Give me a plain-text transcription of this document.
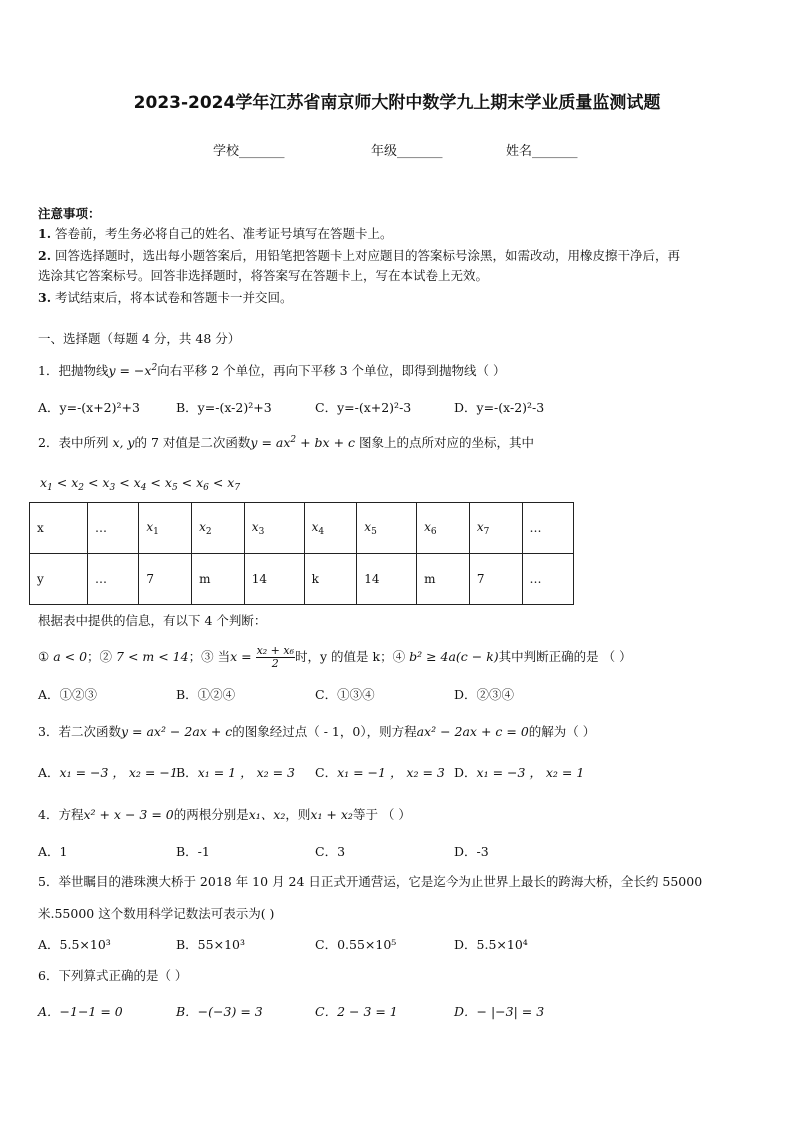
2023-2024学年江苏省南京师大附中数学九上期末学业质量监测试题
学校_______	年级_______	姓名_______
注意事项：
1. 答卷前，考生务必将自己的姓名、准考证号填写在答题卡上。
2. 回答选择题时，选出每小题答案后，用铅笔把答题卡上对应题目的答案标号涂黑，如需改动，用橡皮擦干净后，再
选涂其它答案标号。回答非选择题时，将答案写在答题卡上，写在本试卷上无效。
3. 考试结束后，将本试卷和答题卡一并交回。
一、选择题（每题 4 分，共 48 分）
1．把抛物线$y = -x^2$向右平移 2 个单位，再向下平移 3 个单位，即得到抛物线（ ）
A．y=-(x+2)²+3	B．y=-(x-2)²+3	C．y=-(x+2)²-3	D．y=-(x-2)²-3
2．表中所列 x, y的 7 对值是二次函数$y = ax^2$ + bx + c 图象上的点所对应的坐标，其中
$x_1 < x_2 < x_3 < x_4 < x_5 < x_6 < x_7$
x	…	$x_1$	$x_2$	$x_3$	$x_4$	$x_5$	$x_6$	$x_7$	…
y	…	7	m	14	k	14	m	7	…
根据表中提供的信息，有以下 4 个判断：
① a < 0；② 7 < m < 14；③ 当$x = \frac{\text{x₂ + x₆}}{2}$ 时，y 的值是 k；④ b² ≥ 4a(c − k)其中判断正确的是 （ ）
A．①②③	B．①②④	C．①③④	D．②③④
3．若二次函数y = ax² − 2ax + c的图象经过点（ - 1，0），则方程ax² − 2ax + c = 0的解为（ ）
A．x₁ = −3 ， x₂ = −1
B．x₁ = 1 ， x₂ = 3 C．x₁ = −1 ， x₂ = 3 D．x₁ = −3 ， x₂ = 1
4．方程x² + x − 3 = 0的两根分别是x₁、x₂，则x₁ + x₂等于 （ ）
A．1	B．-1	C．3	D．-3
5．举世瞩目的港珠澳大桥于 2018 年 10 月 24 日正式开通营运，它是迄今为止世界上最长的跨海大桥，全长约 55000
米.55000 这个数用科学记数法可表示为( )
A．5.5×10³	B．55×10³	C．0.55×10⁵	D．5.5×10⁴
6．下列算式正确的是（ ）
A．−1−1 = 0	B．−(−3) = 3	C．2 − 3 = 1	D．− |−3| = 3
